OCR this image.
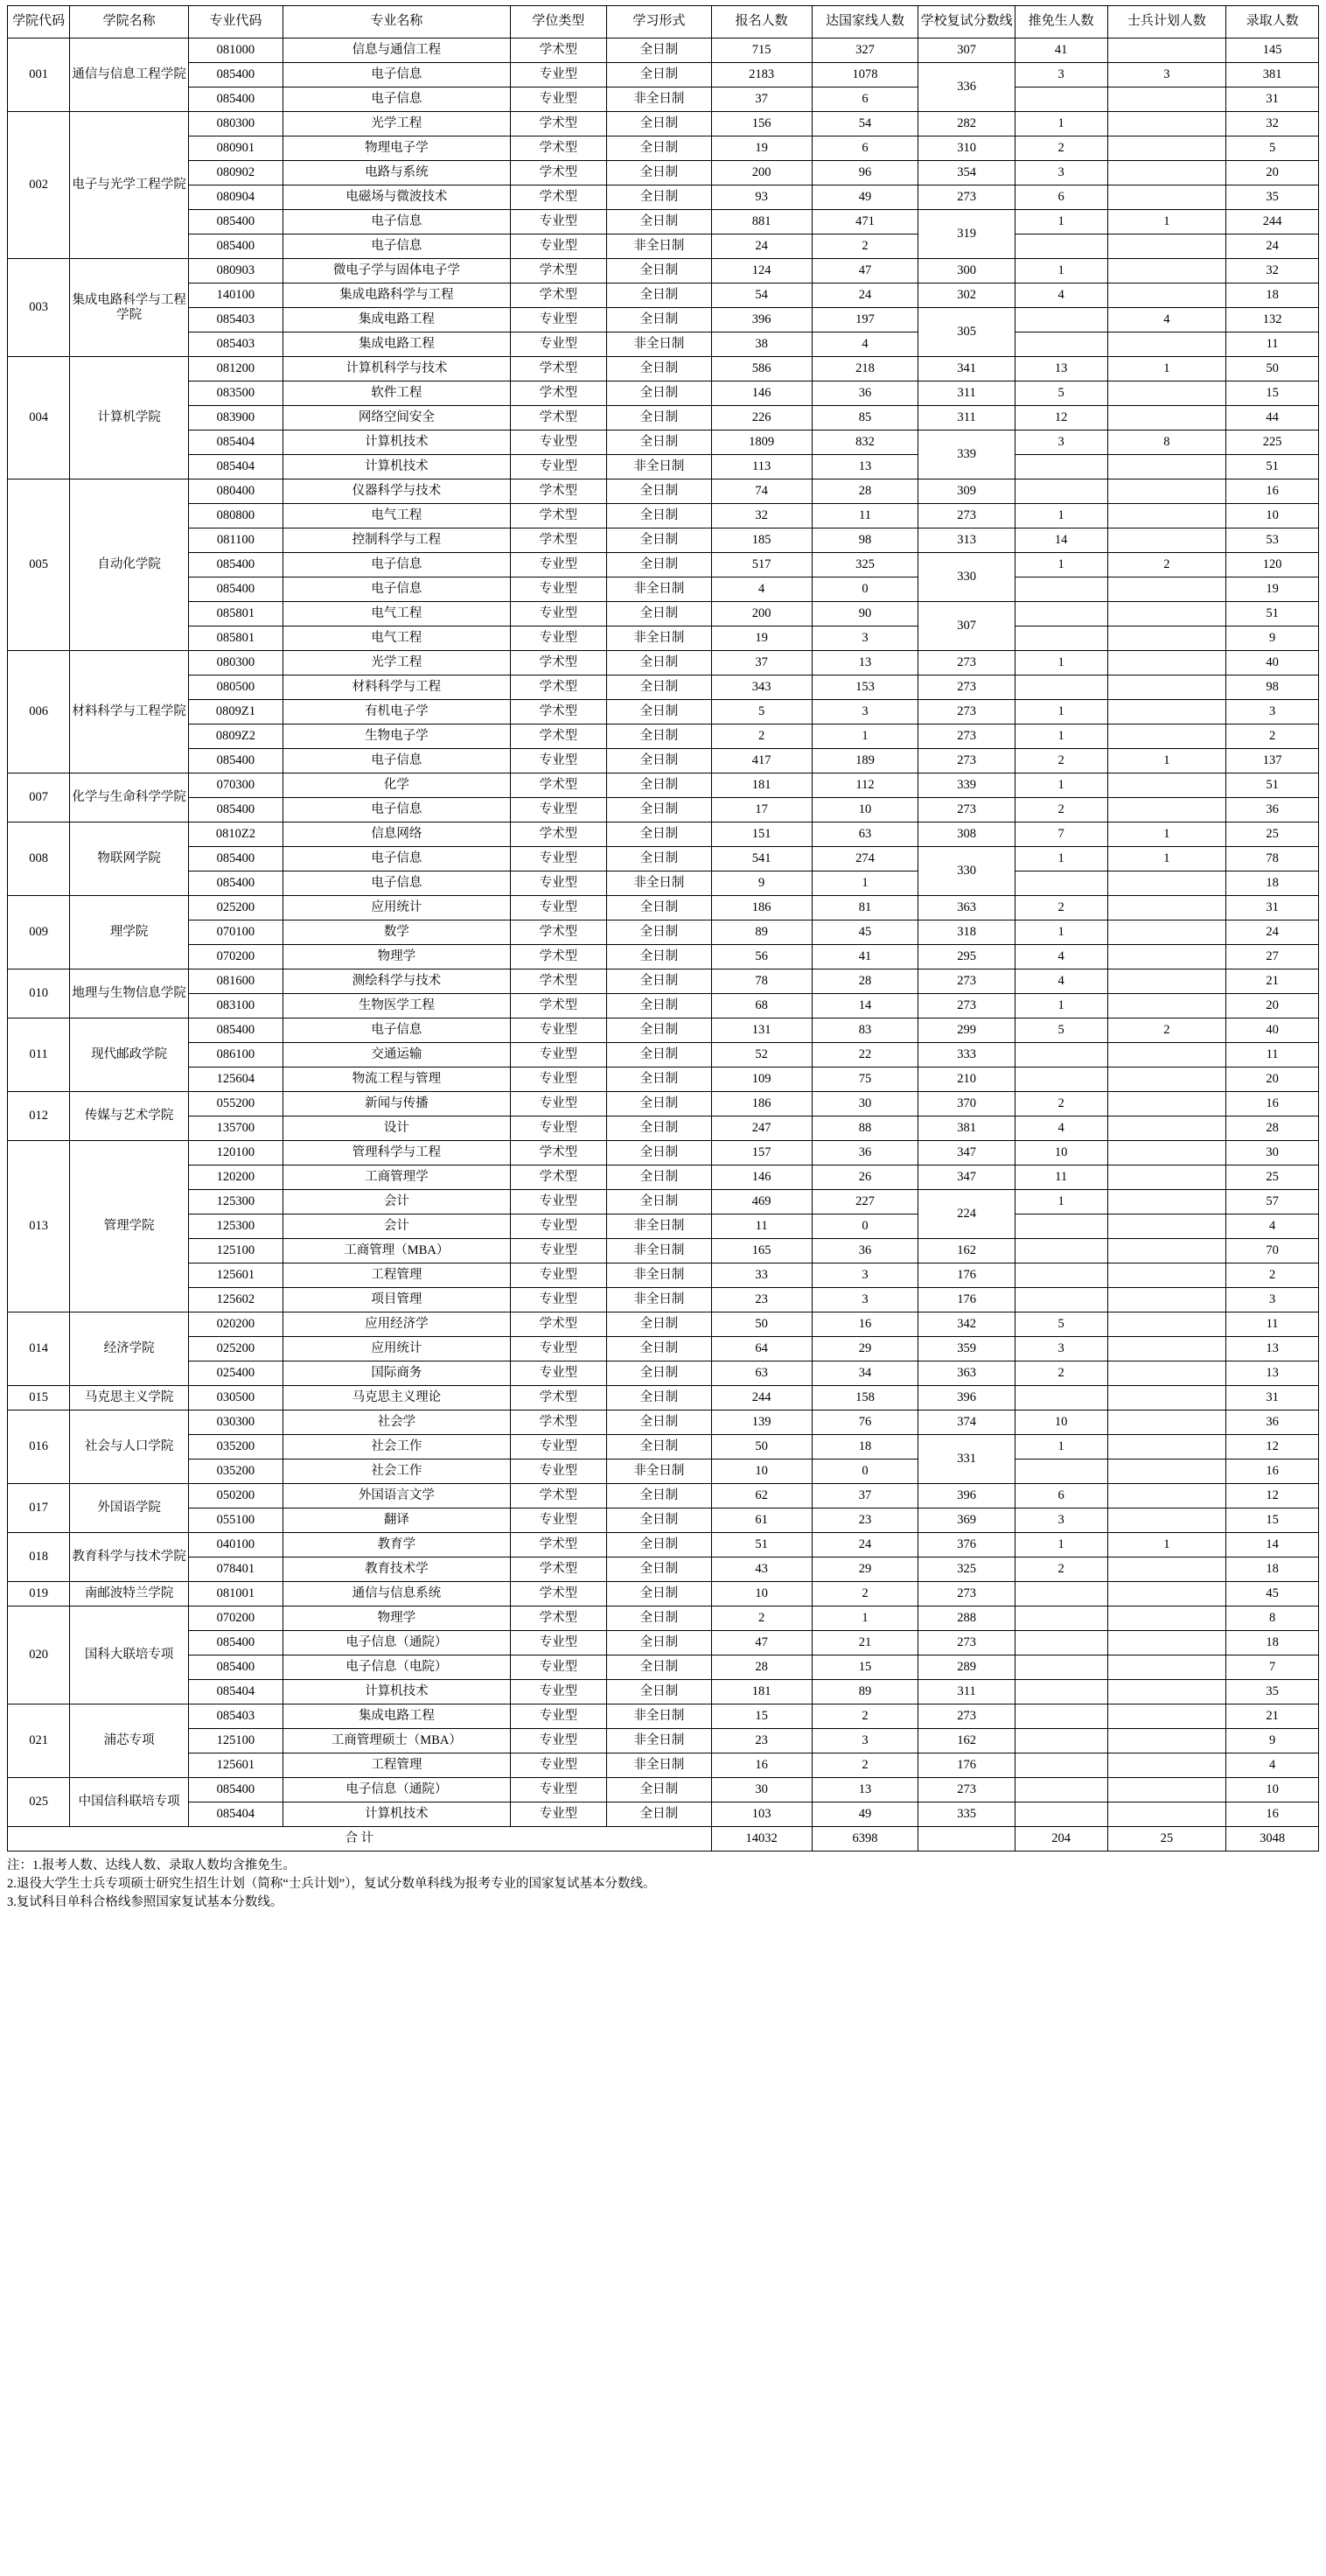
学院代码	学院名称	专业代码	专业名称	学位类型	学习形式	报名人数	达国家线人数	学校复试分数线	推免生人数	士兵计划人数	录取人数
001	通信与信息工程学院	081000	信息与通信工程	学术型	全日制	715	327	307	41		145
		085400	电子信息	专业型	全日制	2183	1078	336	3	3	381
		085400	电子信息	专业型	非全日制	37	6				31
002	电子与光学工程学院	080300	光学工程	学术型	全日制	156	54	282	1		32
		080901	物理电子学	学术型	全日制	19	6	310	2		5
		080902	电路与系统	学术型	全日制	200	96	354	3		20
		080904	电磁场与微波技术	学术型	全日制	93	49	273	6		35
		085400	电子信息	专业型	全日制	881	471	319	1	1	244
		085400	电子信息	专业型	非全日制	24	2				24
003	集成电路科学与工程学院	080903	微电子学与固体电子学	学术型	全日制	124	47	300	1		32
		140100	集成电路科学与工程	学术型	全日制	54	24	302	4		18
		085403	集成电路工程	专业型	全日制	396	197	305		4	132
		085403	集成电路工程	专业型	非全日制	38	4				11
004	计算机学院	081200	计算机科学与技术	学术型	全日制	586	218	341	13	1	50
		083500	软件工程	学术型	全日制	146	36	311	5		15
		083900	网络空间安全	学术型	全日制	226	85	311	12		44
		085404	计算机技术	专业型	全日制	1809	832	339	3	8	225
		085404	计算机技术	专业型	非全日制	113	13				51
005	自动化学院	080400	仪器科学与技术	学术型	全日制	74	28	309			16
		080800	电气工程	学术型	全日制	32	11	273	1		10
		081100	控制科学与工程	学术型	全日制	185	98	313	14		53
		085400	电子信息	专业型	全日制	517	325	330	1	2	120
		085400	电子信息	专业型	非全日制	4	0				19
		085801	电气工程	专业型	全日制	200	90	307			51
		085801	电气工程	专业型	非全日制	19	3				9
006	材料科学与工程学院	080300	光学工程	学术型	全日制	37	13	273	1		40
		080500	材料科学与工程	学术型	全日制	343	153	273			98
		0809Z1	有机电子学	学术型	全日制	5	3	273	1		3
		0809Z2	生物电子学	学术型	全日制	2	1	273	1		2
		085400	电子信息	专业型	全日制	417	189	273	2	1	137
007	化学与生命科学学院	070300	化学	学术型	全日制	181	112	339	1		51
		085400	电子信息	专业型	全日制	17	10	273	2		36
008	物联网学院	0810Z2	信息网络	学术型	全日制	151	63	308	7	1	25
		085400	电子信息	专业型	全日制	541	274	330	1	1	78
		085400	电子信息	专业型	非全日制	9	1				18
009	理学院	025200	应用统计	专业型	全日制	186	81	363	2		31
		070100	数学	学术型	全日制	89	45	318	1		24
		070200	物理学	学术型	全日制	56	41	295	4		27
010	地理与生物信息学院	081600	测绘科学与技术	学术型	全日制	78	28	273	4		21
		083100	生物医学工程	学术型	全日制	68	14	273	1		20
011	现代邮政学院	085400	电子信息	专业型	全日制	131	83	299	5	2	40
		086100	交通运输	专业型	全日制	52	22	333			11
		125604	物流工程与管理	专业型	全日制	109	75	210			20
012	传媒与艺术学院	055200	新闻与传播	专业型	全日制	186	30	370	2		16
		135700	设计	专业型	全日制	247	88	381	4		28
013	管理学院	120100	管理科学与工程	学术型	全日制	157	36	347	10		30
		120200	工商管理学	学术型	全日制	146	26	347	11		25
		125300	会计	专业型	全日制	469	227	224	1		57
		125300	会计	专业型	非全日制	11	0				4
		125100	工商管理（MBA）	专业型	非全日制	165	36	162			70
		125601	工程管理	专业型	非全日制	33	3	176			2
		125602	项目管理	专业型	非全日制	23	3	176			3
014	经济学院	020200	应用经济学	学术型	全日制	50	16	342	5		11
		025200	应用统计	专业型	全日制	64	29	359	3		13
		025400	国际商务	专业型	全日制	63	34	363	2		13
015	马克思主义学院	030500	马克思主义理论	学术型	全日制	244	158	396			31
016	社会与人口学院	030300	社会学	学术型	全日制	139	76	374	10		36
		035200	社会工作	专业型	全日制	50	18	331	1		12
		035200	社会工作	专业型	非全日制	10	0				16
017	外国语学院	050200	外国语言文学	学术型	全日制	62	37	396	6		12
		055100	翻译	专业型	全日制	61	23	369	3		15
018	教育科学与技术学院	040100	教育学	学术型	全日制	51	24	376	1	1	14
		078401	教育技术学	学术型	全日制	43	29	325	2		18
019	南邮波特兰学院	081001	通信与信息系统	学术型	全日制	10	2	273			45
020	国科大联培专项	070200	物理学	学术型	全日制	2	1	288			8
		085400	电子信息（通院）	专业型	全日制	47	21	273			18
		085400	电子信息（电院）	专业型	全日制	28	15	289			7
		085404	计算机技术	专业型	全日制	181	89	311			35
021	浦芯专项	085403	集成电路工程	专业型	非全日制	15	2	273			21
		125100	工商管理硕士（MBA）	专业型	非全日制	23	3	162			9
		125601	工程管理	专业型	非全日制	16	2	176			4
025	中国信科联培专项	085400	电子信息（通院）	专业型	全日制	30	13	273			10
		085404	计算机技术	专业型	全日制	103	49	335			16
合 计						14032	6398		204	25	3048
注：1.报考人数、达线人数、录取人数均含推免生。
2.退役大学生士兵专项硕士研究生招生计划（简称“士兵计划”），复试分数单科线为报考专业的国家复试基本分数线。
3.复试科目单科合格线参照国家复试基本分数线。
